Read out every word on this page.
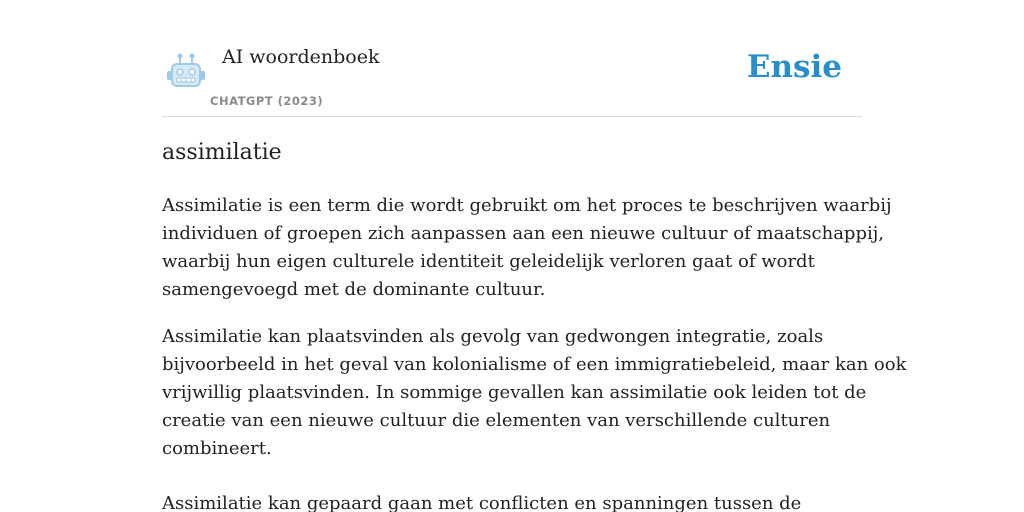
AI woordenboek
CHATGPT (2023)
Ensie
assimilatie

Assimilatie is een term die wordt gebruikt om het proces te beschrijven waarbij
individuen of groepen zich aanpassen aan een nieuwe cultuur of maatschappij,
waarbij hun eigen culturele identiteit geleidelijk verloren gaat of wordt
samengevoegd met de dominante cultuur.

Assimilatie kan plaatsvinden als gevolg van gedwongen integratie, zoals
bijvoorbeeld in het geval van kolonialisme of een immigratiebeleid, maar kan ook
vrijwillig plaatsvinden. In sommige gevallen kan assimilatie ook leiden tot de
creatie van een nieuwe cultuur die elementen van verschillende culturen
combineert.

Assimilatie kan gepaard gaan met conflicten en spanningen tussen de
